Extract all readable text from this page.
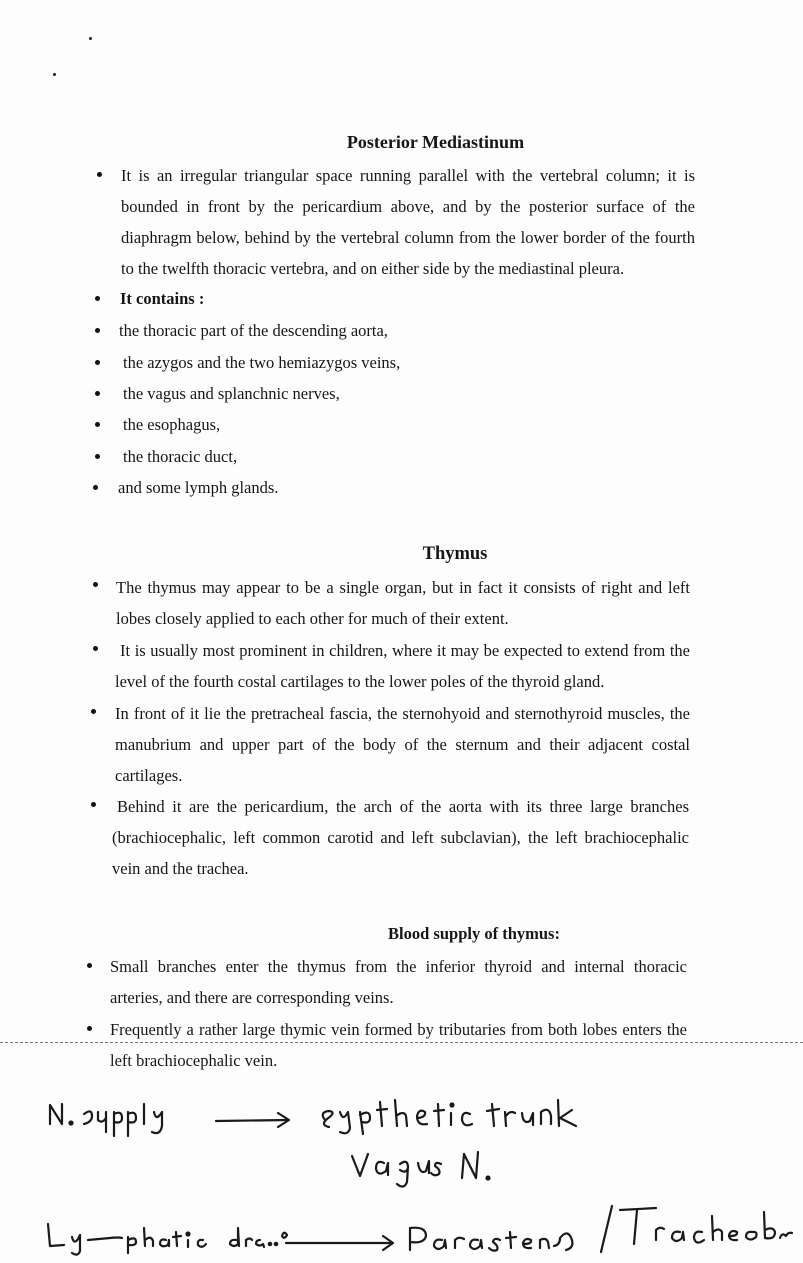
Posterior Mediastinum

It is an irregular triangular space running parallel with the vertebral column; it is bounded in front by the pericardium above, and by the posterior surface of the diaphragm below, behind by the vertebral column from the lower border of the fourth to the twelfth thoracic vertebra, and on either side by the mediastinal pleura.

It contains :

the thoracic part of the descending aorta,

the azygos and the two hemiazygos veins,

the vagus and splanchnic nerves,

the esophagus,

the thoracic duct,

and some lymph glands.

Thymus

The thymus may appear to be a single organ, but in fact it consists of right and left lobes closely applied to each other for much of their extent.

It is usually most prominent in children, where it may be expected to extend from the level of the fourth costal cartilages to the lower poles of the thyroid gland.

In front of it lie the pretracheal fascia, the sternohyoid and sternothyroid muscles, the manubrium and upper part of the body of the sternum and their adjacent costal cartilages.

Behind it are the pericardium, the arch of the aorta with its three large branches (brachiocephalic, left common carotid and left subclavian), the left brachiocephalic vein and the trachea.

Blood supply of thymus:

Small branches enter the thymus from the inferior thyroid and internal thoracic arteries, and there are corresponding veins.

Frequently a rather large thymic vein formed by tributaries from both lobes enters the left brachiocephalic vein.
